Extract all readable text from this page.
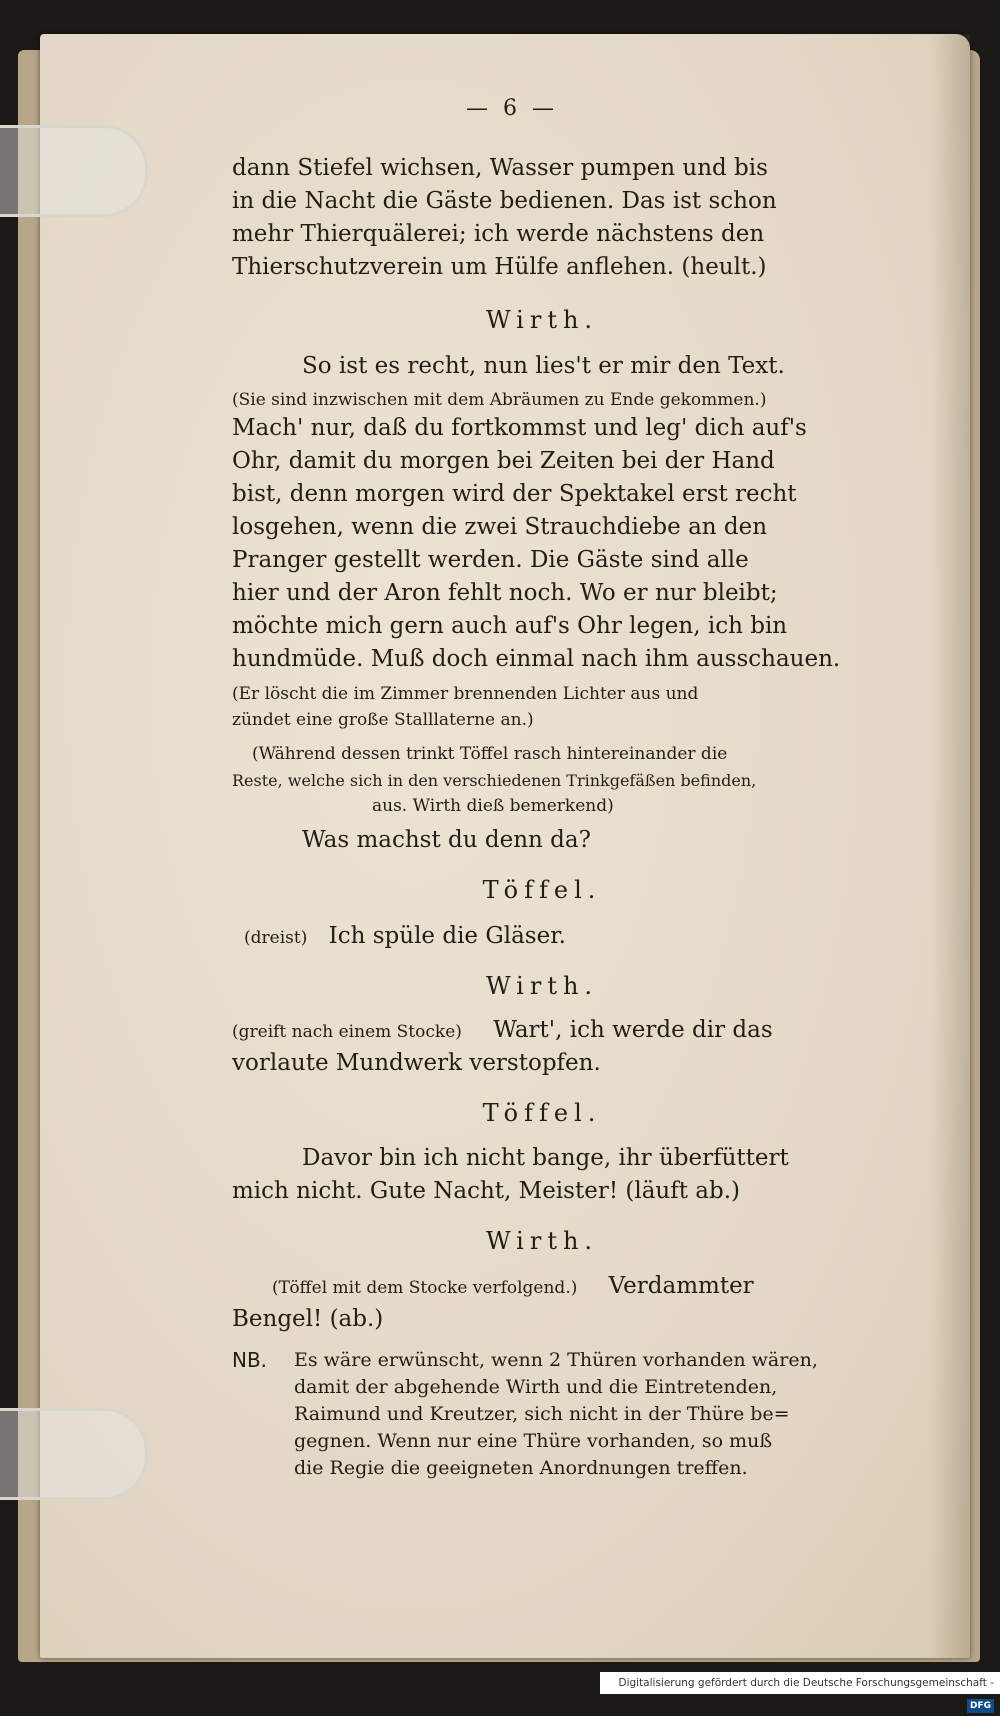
— 6 —
dann Stiefel wichsen, Wasser pumpen und bis
in die Nacht die Gäste bedienen. Das ist schon
mehr Thierquälerei; ich werde nächstens den
Thierschutzverein um Hülfe anflehen. (heult.)
Wirth.
So ist es recht, nun lies't er mir den Text.
(Sie sind inzwischen mit dem Abräumen zu Ende gekommen.)
Mach' nur, daß du fortkommst und leg' dich auf's
Ohr, damit du morgen bei Zeiten bei der Hand
bist, denn morgen wird der Spektakel erst recht
losgehen, wenn die zwei Strauchdiebe an den
Pranger gestellt werden. Die Gäste sind alle
hier und der Aron fehlt noch. Wo er nur bleibt;
möchte mich gern auch auf's Ohr legen, ich bin
hundmüde. Muß doch einmal nach ihm ausschauen.
(Er löscht die im Zimmer brennenden Lichter aus und
zündet eine große Stalllaterne an.)
(Während dessen trinkt Töffel rasch hintereinander die
Reste, welche sich in den verschiedenen Trinkgefäßen befinden,
aus. Wirth dieß bemerkend)
Was machst du denn da?
Töffel.
(dreist) Ich spüle die Gläser.
Wirth.
(greift nach einem Stocke) Wart', ich werde dir das
vorlaute Mundwerk verstopfen.
Töffel.
Davor bin ich nicht bange, ihr überfüttert
mich nicht. Gute Nacht, Meister! (läuft ab.)
Wirth.
(Töffel mit dem Stocke verfolgend.) Verdammter
Bengel! (ab.)
NB. Es wäre erwünscht, wenn 2 Thüren vorhanden wären,
damit der abgehende Wirth und die Eintretenden,
Raimund und Kreutzer, sich nicht in der Thüre be=
gegnen. Wenn nur eine Thüre vorhanden, so muß
die Regie die geeigneten Anordnungen treffen.
Digitalisierung gefördert durch die Deutsche Forschungsgemeinschaft - DFG
